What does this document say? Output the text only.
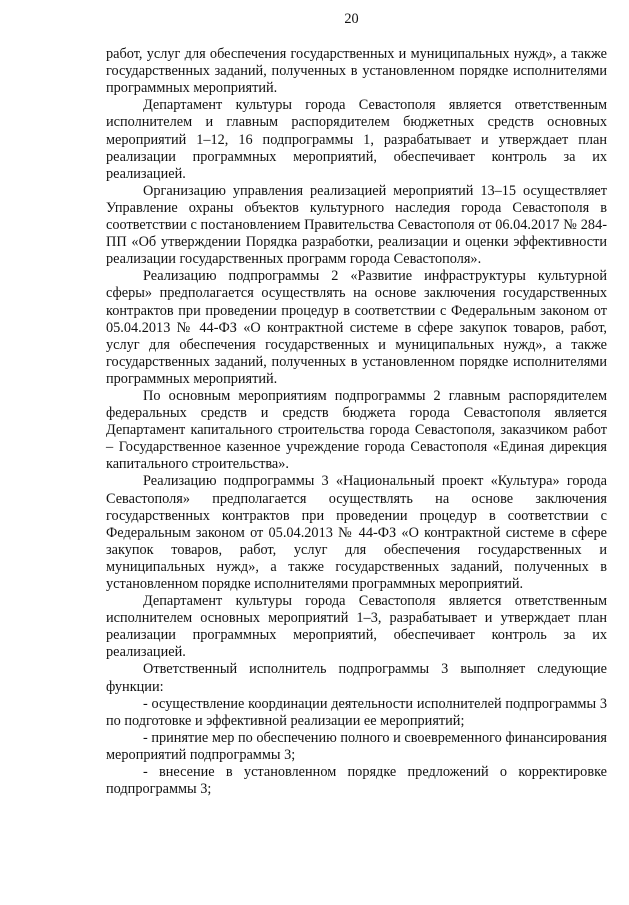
20

работ, услуг для обеспечения государственных и муниципальных нужд», а также государственных заданий, полученных в установленном порядке исполнителями программных мероприятий.

Департамент культуры города Севастополя является ответственным исполнителем и главным распорядителем бюджетных средств основных мероприятий 1–12, 16 подпрограммы 1, разрабатывает и утверждает план реализации программных мероприятий, обеспечивает контроль за их реализацией.

Организацию управления реализацией мероприятий 13–15 осуществляет Управление охраны объектов культурного наследия города Севастополя в соответствии с постановлением Правительства Севастополя от 06.04.2017 № 284-ПП «Об утверждении Порядка разработки, реализации и оценки эффективности реализации государственных программ города Севастополя».

Реализацию подпрограммы 2 «Развитие инфраструктуры культурной сферы» предполагается осуществлять на основе заключения государственных контрактов при проведении процедур в соответствии с Федеральным законом от 05.04.2013 № 44-ФЗ «О контрактной системе в сфере закупок товаров, работ, услуг для обеспечения государственных и муниципальных нужд», а также государственных заданий, полученных в установленном порядке исполнителями программных мероприятий.

По основным мероприятиям подпрограммы 2 главным распорядителем федеральных средств и средств бюджета города Севастополя является Департамент капитального строительства города Севастополя, заказчиком работ – Государственное казенное учреждение города Севастополя «Единая дирекция капитального строительства».

Реализацию подпрограммы 3 «Национальный проект «Культура» города Севастополя» предполагается осуществлять на основе заключения государственных контрактов при проведении процедур в соответствии с Федеральным законом от 05.04.2013 № 44-ФЗ «О контрактной системе в сфере закупок товаров, работ, услуг для обеспечения государственных и муниципальных нужд», а также государственных заданий, полученных в установленном порядке исполнителями программных мероприятий.

Департамент культуры города Севастополя является ответственным исполнителем основных мероприятий 1–3, разрабатывает и утверждает план реализации программных мероприятий, обеспечивает контроль за их реализацией.

Ответственный исполнитель подпрограммы 3 выполняет следующие функции:

- осуществление координации деятельности исполнителей подпрограммы 3 по подготовке и эффективной реализации ее мероприятий;

- принятие мер по обеспечению полного и своевременного финансирования мероприятий подпрограммы 3;

- внесение в установленном порядке предложений о корректировке подпрограммы 3;
